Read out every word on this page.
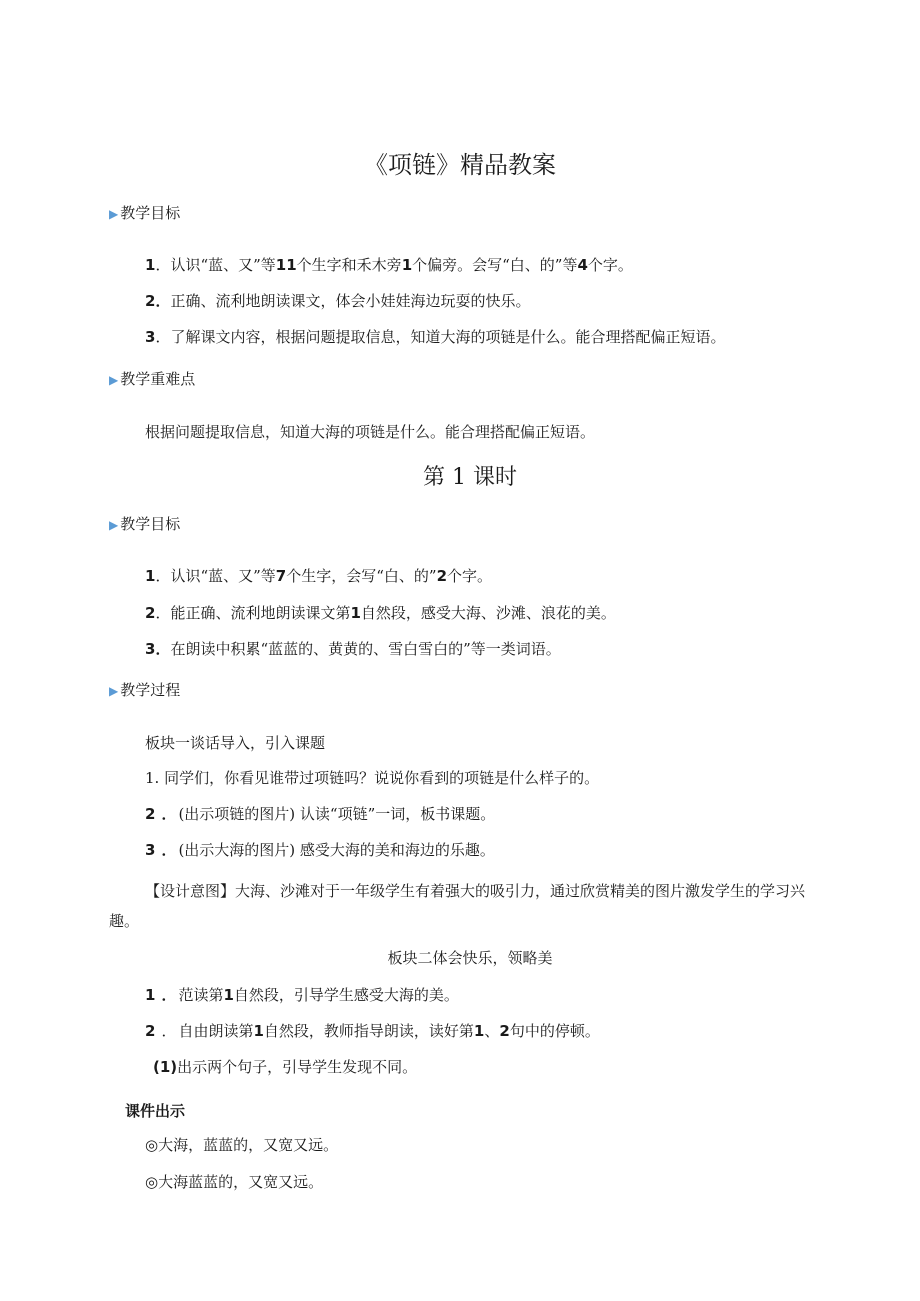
《项链》精品教案
▶ 教学目标
1．认识“蓝、又”等11个生字和禾木旁1个偏旁。会写“白、的”等4个字。
2．正确、流利地朗读课文，体会小娃娃海边玩耍的快乐。
3．了解课文内容，根据问题提取信息，知道大海的项链是什么。能合理搭配偏正短语。
▶ 教学重难点
根据问题提取信息，知道大海的项链是什么。能合理搭配偏正短语。
第 1 课时
▶ 教学目标
1．认识“蓝、又”等7个生字，会写“白、的”2个字。
2．能正确、流利地朗读课文第1自然段，感受大海、沙滩、浪花的美。
3．在朗读中积累“蓝蓝的、黄黄的、雪白雪白的”等一类词语。
▶ 教学过程
板块一谈话导入，引入课题
1. 同学们，你看见谁带过项链吗？说说你看到的项链是什么样子的。
2 ． (出示项链的图片) 认读“项链”一词，板书课题。
3 ． (出示大海的图片) 感受大海的美和海边的乐趣。
【设计意图】大海、沙滩对于一年级学生有着强大的吸引力，通过欣赏精美的图片激发学生的学习兴趣。
板块二体会快乐，领略美
1 ． 范读第1自然段，引导学生感受大海的美。
2 ． 自由朗读第1自然段，教师指导朗读，读好第1、2句中的停顿。
(1)出示两个句子，引导学生发现不同。
课件出示
◎大海，蓝蓝的，又宽又远。
◎大海蓝蓝的，又宽又远。
